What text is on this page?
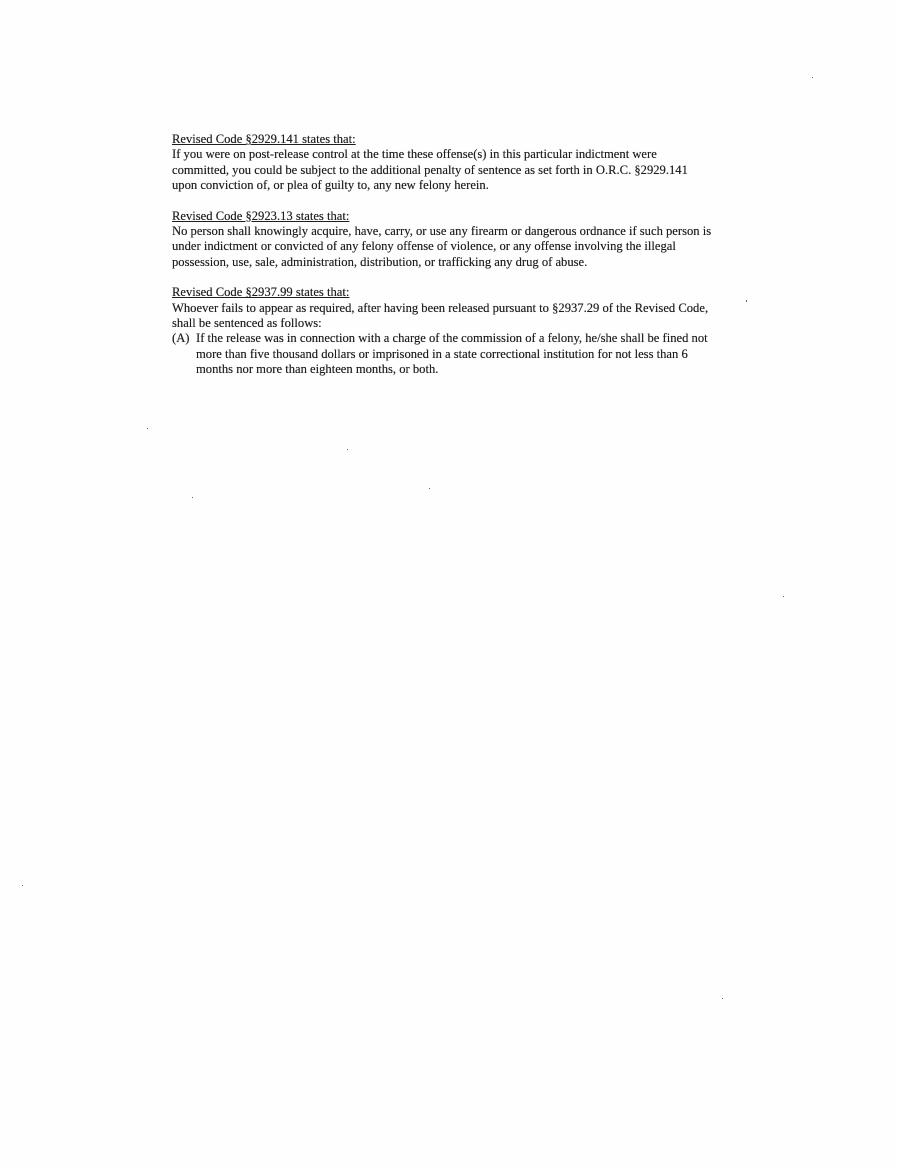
Revised Code §2929.141 states that:
If you were on post-release control at the time these offense(s) in this particular indictment were
committed, you could be subject to the additional penalty of sentence as set forth in O.R.C. §2929.141
upon conviction of, or plea of guilty to, any new felony herein.
Revised Code §2923.13 states that:
No person shall knowingly acquire, have, carry, or use any firearm or dangerous ordnance if such person is
under indictment or convicted of any felony offense of violence, or any offense involving the illegal
possession, use, sale, administration, distribution, or trafficking any drug of abuse.
Revised Code §2937.99 states that:
Whoever fails to appear as required, after having been released pursuant to §2937.29 of the Revised Code,
shall be sentenced as follows:
(A) If the release was in connection with a charge of the commission of a felony, he/she shall be fined not
more than five thousand dollars or imprisoned in a state correctional institution for not less than 6
months nor more than eighteen months, or both.
